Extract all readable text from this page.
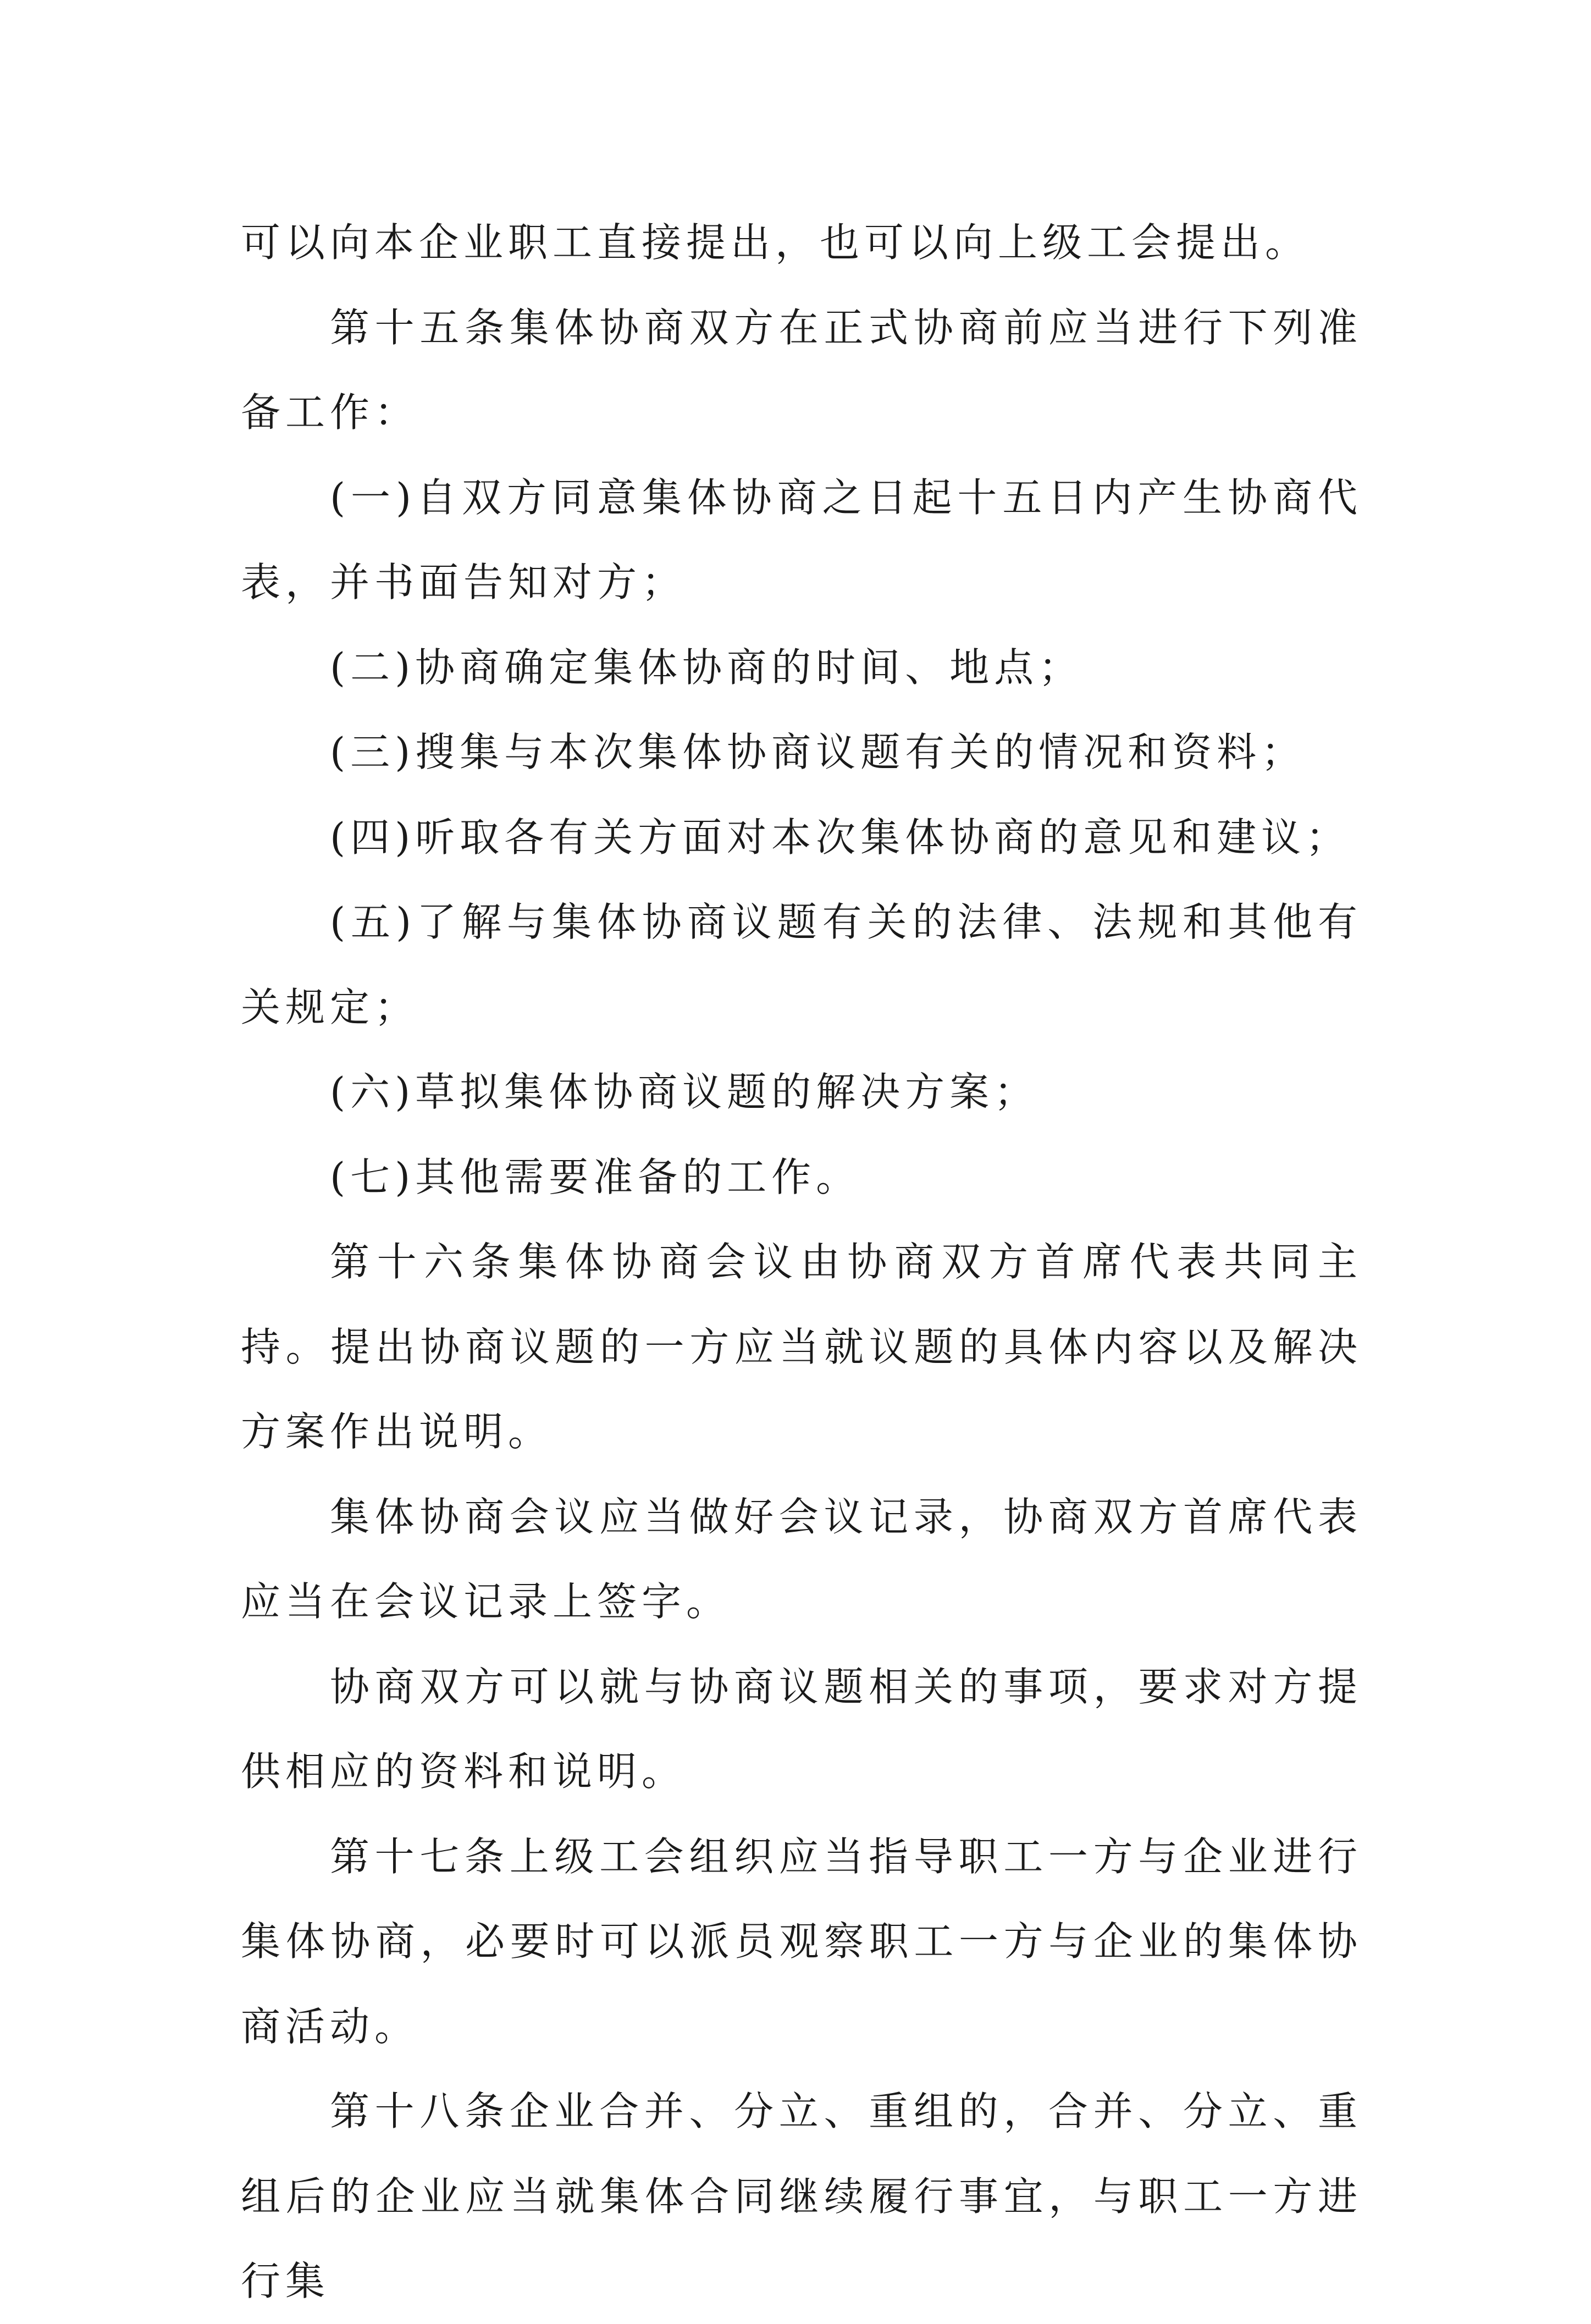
可以向本企业职工直接提出，也可以向上级工会提出。

第十五条集体协商双方在正式协商前应当进行下列准备工作：

(一)自双方同意集体协商之日起十五日内产生协商代表，并书面告知对方；

(二)协商确定集体协商的时间、地点；

(三)搜集与本次集体协商议题有关的情况和资料；

(四)听取各有关方面对本次集体协商的意见和建议；

(五)了解与集体协商议题有关的法律、法规和其他有关规定；

(六)草拟集体协商议题的解决方案；

(七)其他需要准备的工作。

第十六条集体协商会议由协商双方首席代表共同主持。提出协商议题的一方应当就议题的具体内容以及解决方案作出说明。

集体协商会议应当做好会议记录，协商双方首席代表应当在会议记录上签字。

协商双方可以就与协商议题相关的事项，要求对方提供相应的资料和说明。

第十七条上级工会组织应当指导职工一方与企业进行集体协商，必要时可以派员观察职工一方与企业的集体协商活动。

第十八条企业合并、分立、重组的，合并、分立、重组后的企业应当就集体合同继续履行事宜，与职工一方进行集
